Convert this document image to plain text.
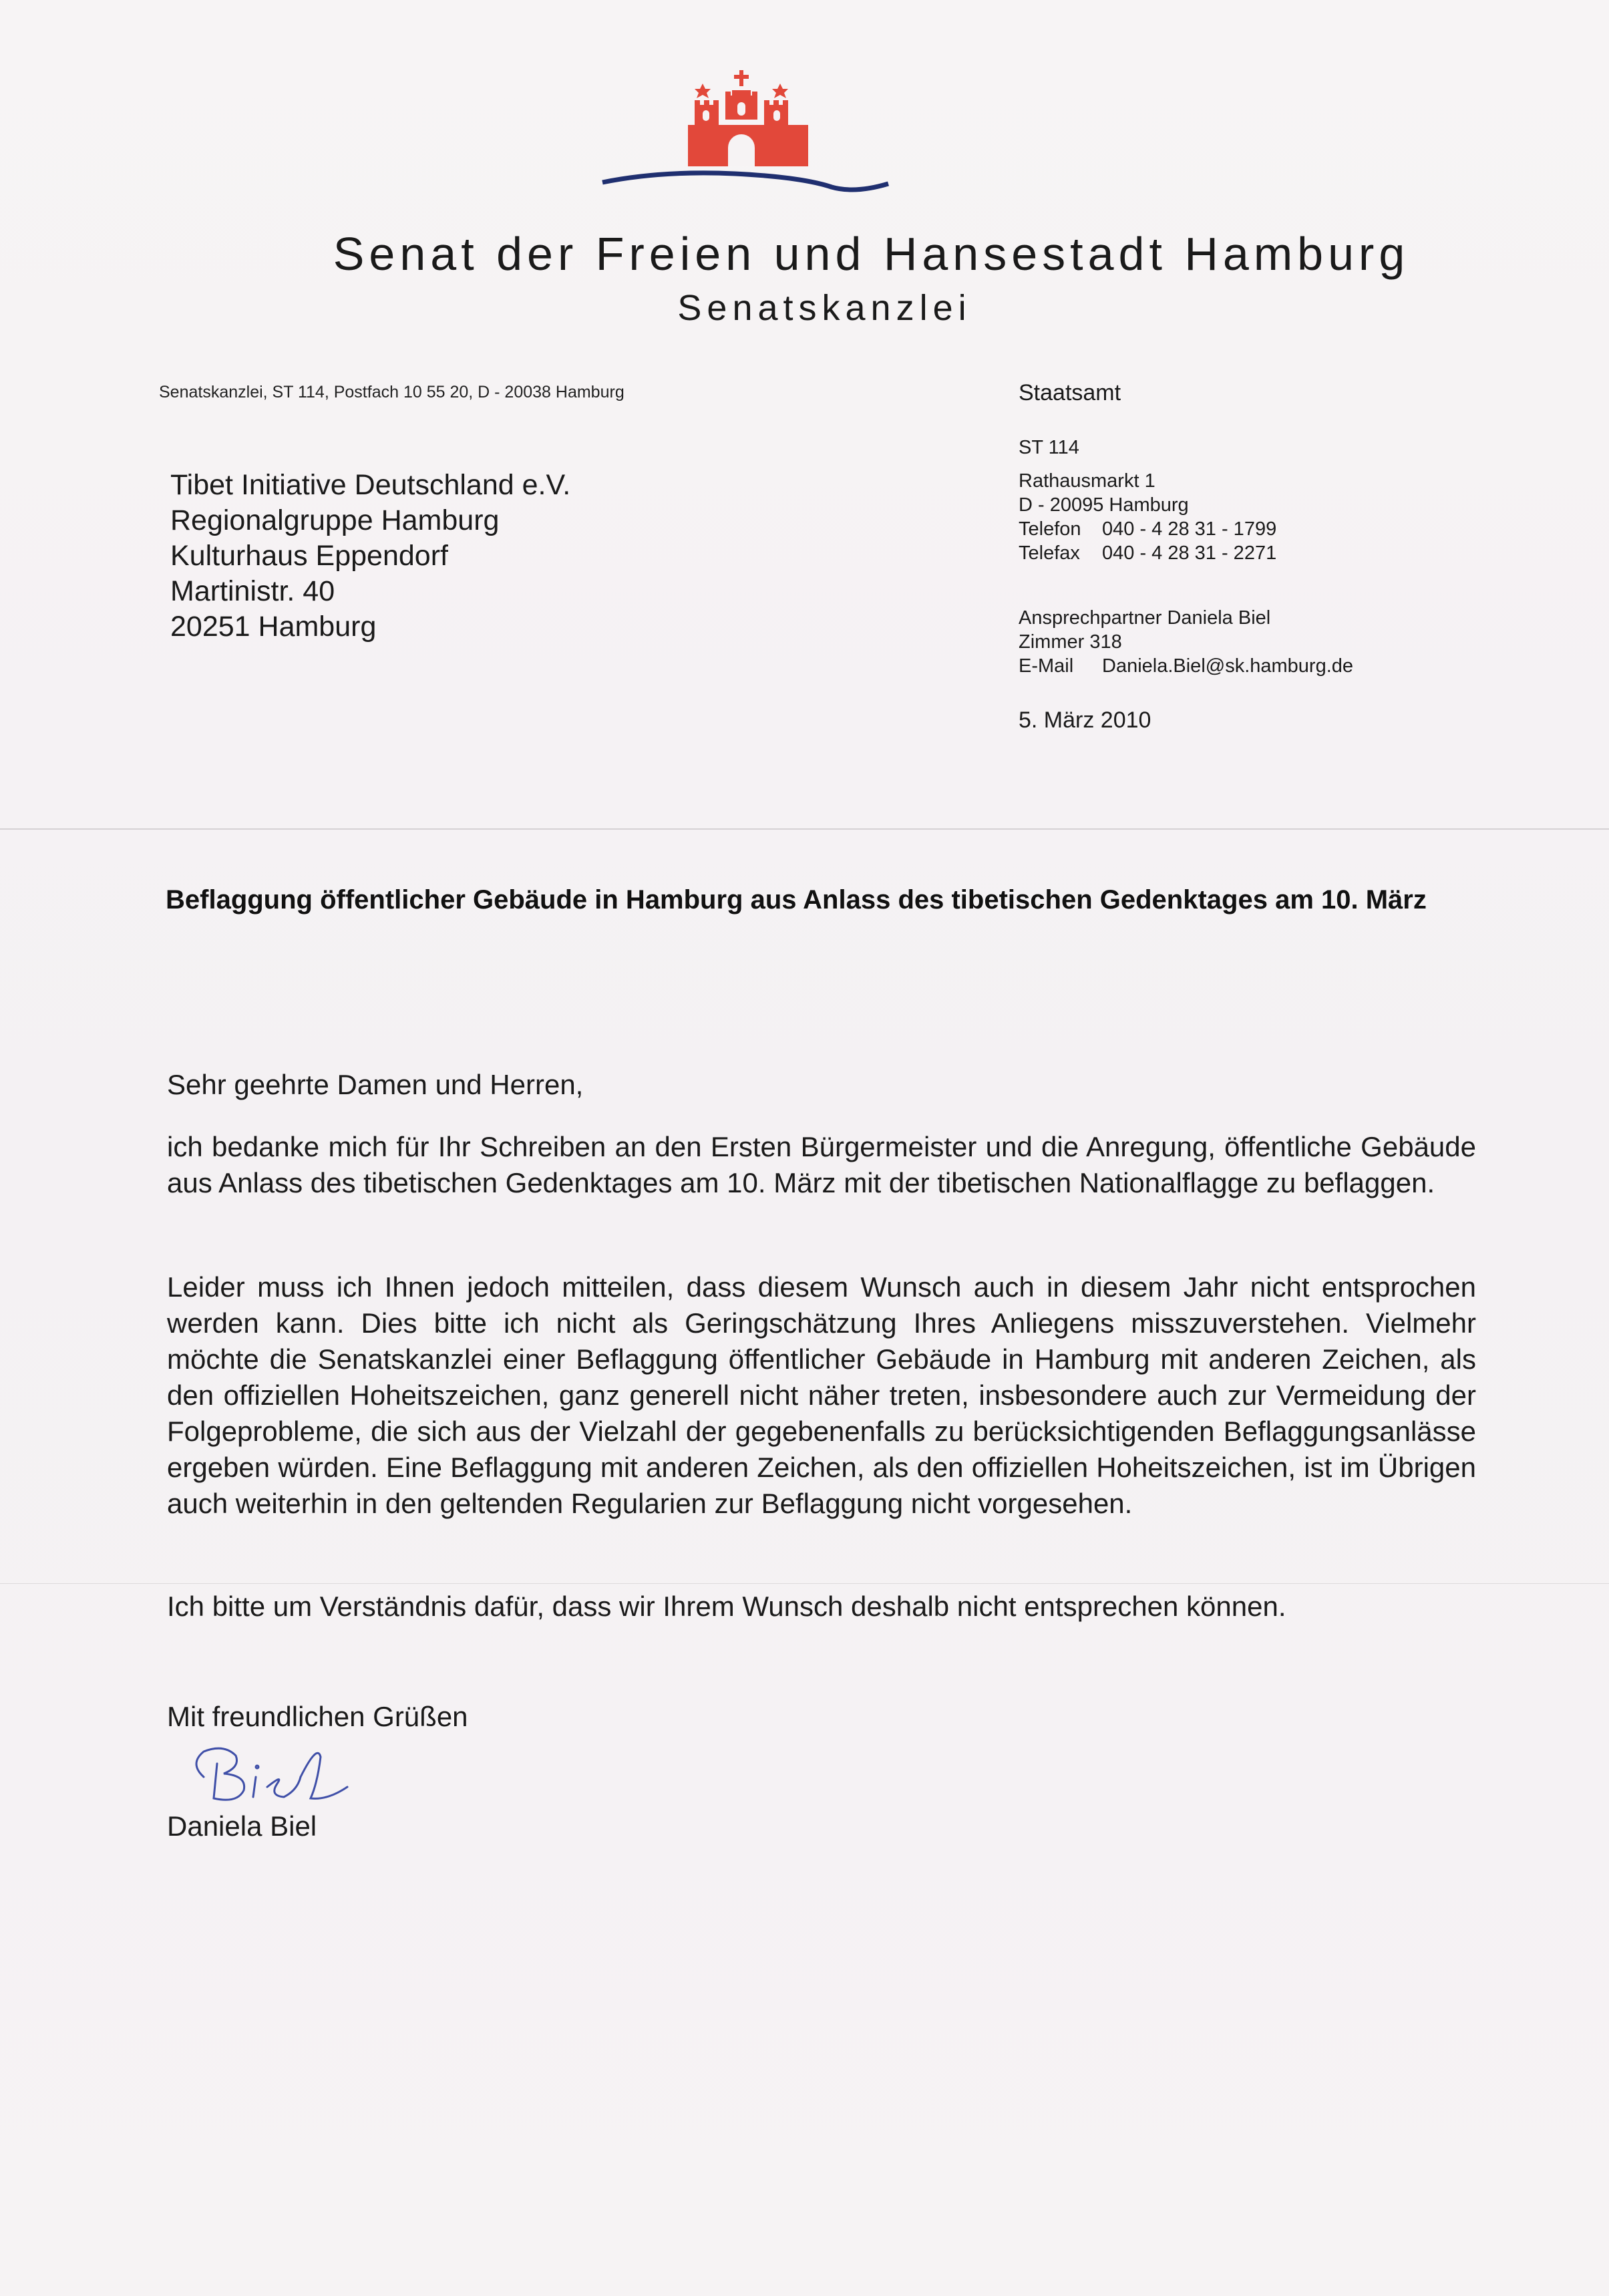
Senat der Freien und Hansestadt Hamburg
Senatskanzlei
Senatskanzlei, ST 114, Postfach 10 55 20, D - 20038 Hamburg
Tibet Initiative Deutschland e.V.
Regionalgruppe Hamburg
Kulturhaus Eppendorf
Martinistr. 40
20251 Hamburg
Staatsamt
ST 114
Rathausmarkt 1
D - 20095 Hamburg
Telefon 040 - 4 28 31 - 1799
Telefax 040 - 4 28 31 - 2271
Ansprechpartner Daniela Biel
Zimmer 318
E-Mail Daniela.Biel@sk.hamburg.de
5. März 2010
Beflaggung öffentlicher Gebäude in Hamburg aus Anlass des tibetischen Gedenktages am 10. März
Sehr geehrte Damen und Herren,
ich bedanke mich für Ihr Schreiben an den Ersten Bürgermeister und die Anregung, öffentliche Gebäude aus Anlass des tibetischen Gedenktages am 10. März mit der tibetischen Nationalflagge zu beflaggen.
Leider muss ich Ihnen jedoch mitteilen, dass diesem Wunsch auch in diesem Jahr nicht entsprochen werden kann. Dies bitte ich nicht als Geringschätzung Ihres Anliegens misszuverstehen. Vielmehr möchte die Senatskanzlei einer Beflaggung öffentlicher Gebäude in Hamburg mit anderen Zeichen, als den offiziellen Hoheitszeichen, ganz generell nicht näher treten, insbesondere auch zur Vermeidung der Folgeprobleme, die sich aus der Vielzahl der gegebenenfalls zu berücksichtigenden Beflaggungsanlässe ergeben würden. Eine Beflaggung mit anderen Zeichen, als den offiziellen Hoheitszeichen, ist im Übrigen auch weiterhin in den geltenden Regularien zur Beflaggung nicht vorgesehen.
Ich bitte um Verständnis dafür, dass wir Ihrem Wunsch deshalb nicht entsprechen können.
Mit freundlichen Grüßen
Daniela Biel
